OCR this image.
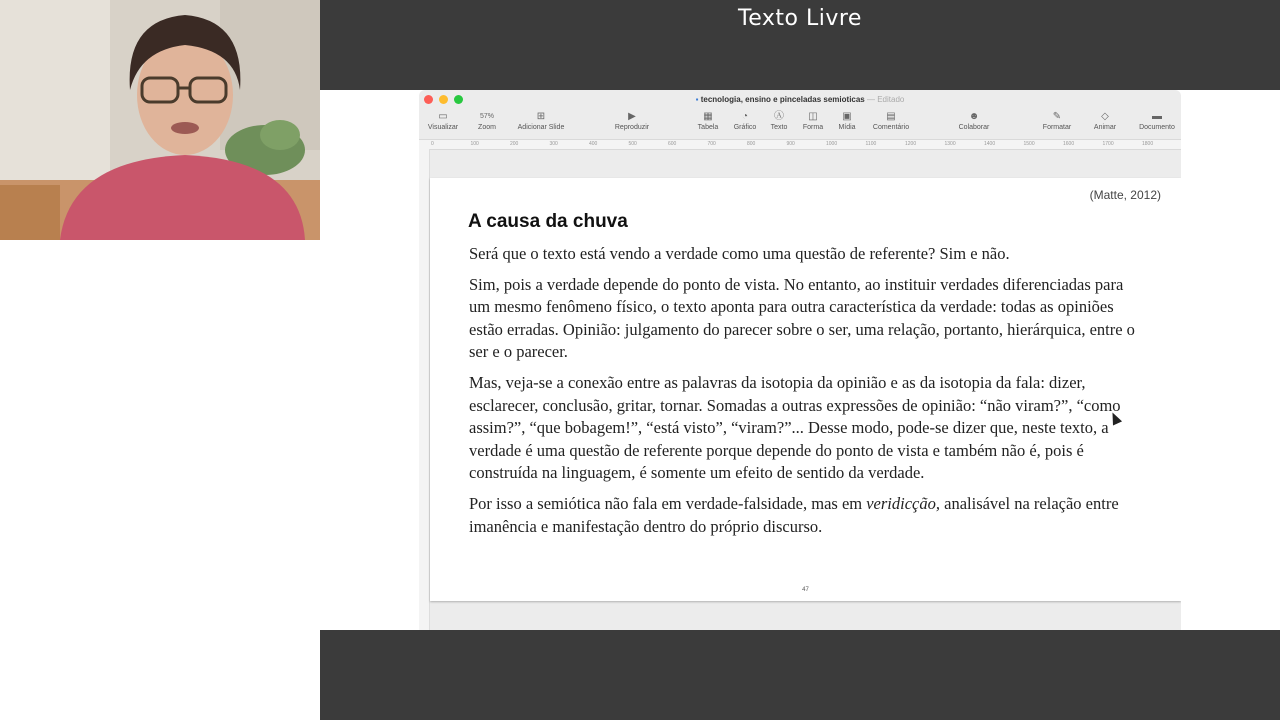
Texto Livre
▪ tecnologia, ensino e pinceladas semioticas — Editado
▭
Visualizar
57%
Zoom
⊞
Adicionar Slide
▶
Reproduzir
▦
Tabela
◔
Gráfico
Ⓐ
Texto
◫
Forma
▣
Mídia
▤
Comentário
☻
Colaborar
✎
Formatar
◇
Animar
▬
Documento
0	100	200	300	400	500	600	700	800	900	1000	1100	1200	1300	1400	1500	1600	1700	1800
(Matte, 2012)
A causa da chuva

Será que o texto está vendo a verdade como uma questão de referente? Sim e não.

Sim, pois a verdade depende do ponto de vista. No entanto, ao instituir verdades diferenciadas para um mesmo fenômeno físico, o texto aponta para outra característica da verdade: todas as opiniões estão erradas. Opinião: julgamento do parecer sobre o ser, uma relação, portanto, hierárquica, entre o ser e o parecer.

Mas, veja-se a conexão entre as palavras da isotopia da opinião e as da isotopia da fala: dizer, esclarecer, conclusão, gritar, tornar. Somadas a outras expressões de opinião: “não viram?”, “como assim?”, “que bobagem!”, “está visto”, “viram?”... Desse modo, pode-se dizer que, neste texto, a verdade é uma questão de referente porque depende do ponto de vista e também não é, pois é construída na linguagem, é somente um efeito de sentido da verdade.

Por isso a semiótica não fala em verdade-falsidade, mas em veridicção, analisável na relação entre imanência e manifestação dentro do próprio discurso.

47
